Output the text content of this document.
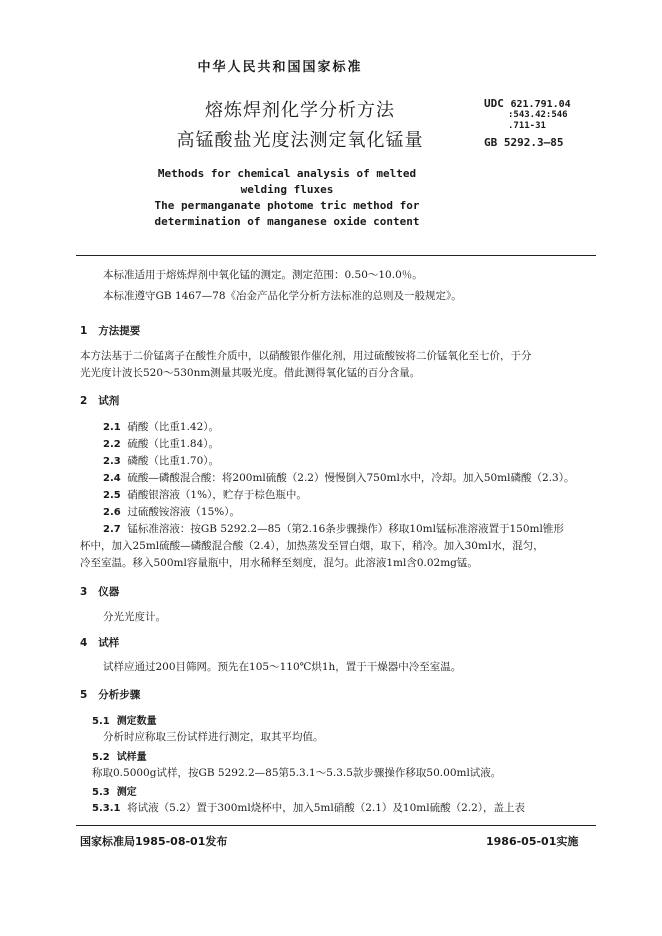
中华人民共和国国家标准
熔炼焊剂化学分析方法
高锰酸盐光度法测定氧化锰量
UDC 621.791.04
:543.42:546
.711-31
GB 5292.3—85
Methods for chemical analysis of melted
welding fluxes
The permanganate photome tric method for
determination of manganese oxide content
本标准适用于熔炼焊剂中氧化锰的测定。测定范围：0.50～10.0％。
本标准遵守GB 1467—78《冶金产品化学分析方法标准的总则及一般规定》。
1 方法提要
本方法基于二价锰离子在酸性介质中，以硝酸银作催化剂，用过硫酸铵将二价锰氧化至七价，于分
光光度计波长520～530nm测量其吸光度。借此测得氧化锰的百分含量。
2 试剂
2.1 硝酸（比重1.42）。
2.2 硫酸（比重1.84）。
2.3 磷酸（比重1.70）。
2.4 硫酸—磷酸混合酸：将200ml硫酸（2.2）慢慢倒入750ml水中，冷却。加入50ml磷酸（2.3）。
2.5 硝酸银溶液（1%），贮存于棕色瓶中。
2.6 过硫酸铵溶液（15%）。
2.7 锰标准溶液：按GB 5292.2—85（第2.16条步骤操作）移取10ml锰标准溶液置于150ml锥形
杯中，加入25ml硫酸—磷酸混合酸（2.4），加热蒸发至冒白烟，取下，稍冷。加入30ml水，混匀，
冷至室温。移入500ml容量瓶中，用水稀释至刻度，混匀。此溶液1ml含0.02mg锰。
3 仪器
分光光度计。
4 试样
试样应通过200目筛网。预先在105～110℃烘1h，置于干燥器中冷至室温。
5 分析步骤
5.1 测定数量
分析时应称取三份试样进行测定，取其平均值。
5.2 试样量
称取0.5000g试样，按GB 5292.2—85第5.3.1～5.3.5款步骤操作移取50.00ml试液。
5.3 测定
5.3.1 将试液（5.2）置于300ml烧杯中，加入5ml硝酸（2.1）及10ml硫酸（2.2），盖上表
国家标准局1985-08-01发布	1986-05-01实施
